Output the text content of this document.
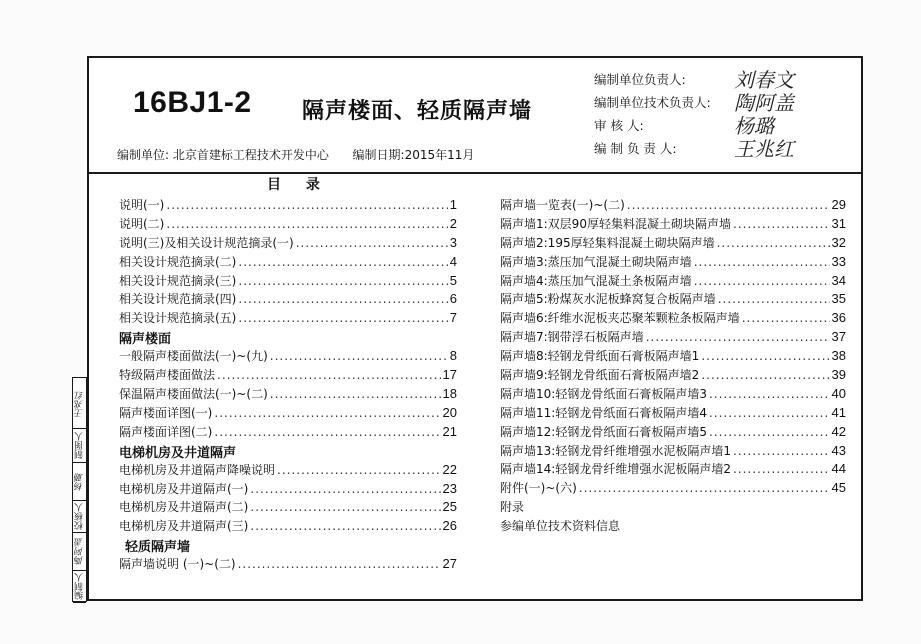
16BJ1-2 隔声楼面、轻质隔声墙
编制单位: 北京首建标工程技术开发中心 编制日期:2015年11月
编制单位负责人:	刘春文
编制单位技术负责人:	陶阿盖
审 核 人:	杨璐
编 制 负 责 人:	王兆红
目 录
说明(一) .....	1
说明(二) .....	2
说明(三)及相关设计规范摘录(一) .....	3
相关设计规范摘录(二) .....	4
相关设计规范摘录(三) .....	5
相关设计规范摘录(四) .....	6
相关设计规范摘录(五) .....	7
隔声楼面
一般隔声楼面做法(一)~(九) .....	8
特级隔声楼面做法 .....	17
保温隔声楼面做法(一)~(二) .....	18
隔声楼面详图(一) .....	20
隔声楼面详图(二) .....	21
电梯机房及井道隔声
电梯机房及井道隔声降噪说明 .....	22
电梯机房及井道隔声(一) .....	23
电梯机房及井道隔声(二) .....	25
电梯机房及井道隔声(三) .....	26
轻质隔声墙
隔声墙说明 (一)~(二) .....	27
隔声墙一览表(一)~(二) .....	29
隔声墙1:双层90厚轻集料混凝土砌块隔声墙 .....	31
隔声墙2:195厚轻集料混凝土砌块隔声墙 .....	32
隔声墙3:蒸压加气混凝土砌块隔声墙 .....	33
隔声墙4:蒸压加气混凝土条板隔声墙 .....	34
隔声墙5:粉煤灰水泥板蜂窝复合板隔声墙 .....	35
隔声墙6:纤维水泥板夹芯聚苯颗粒条板隔声墙 .....	36
隔声墙7:钢带浮石板隔声墙 .....	37
隔声墙8:轻钢龙骨纸面石膏板隔声墙1 .....	38
隔声墙9:轻钢龙骨纸面石膏板隔声墙2 .....	39
隔声墙10:轻钢龙骨纸面石膏板隔声墙3 .....	40
隔声墙11:轻钢龙骨纸面石膏板隔声墙4 .....	41
隔声墙12:轻钢龙骨纸面石膏板隔声墙5 .....	42
隔声墙13:轻钢龙骨纤维增强水泥板隔声墙1 .....	43
隔声墙14:轻钢龙骨纤维增强水泥板隔声墙2 .....	44
附件(一)~(六) .....	45
附录
参编单位技术资料信息
编制人
陶阿盖
校核人
杨璐
制图人
王兆红
